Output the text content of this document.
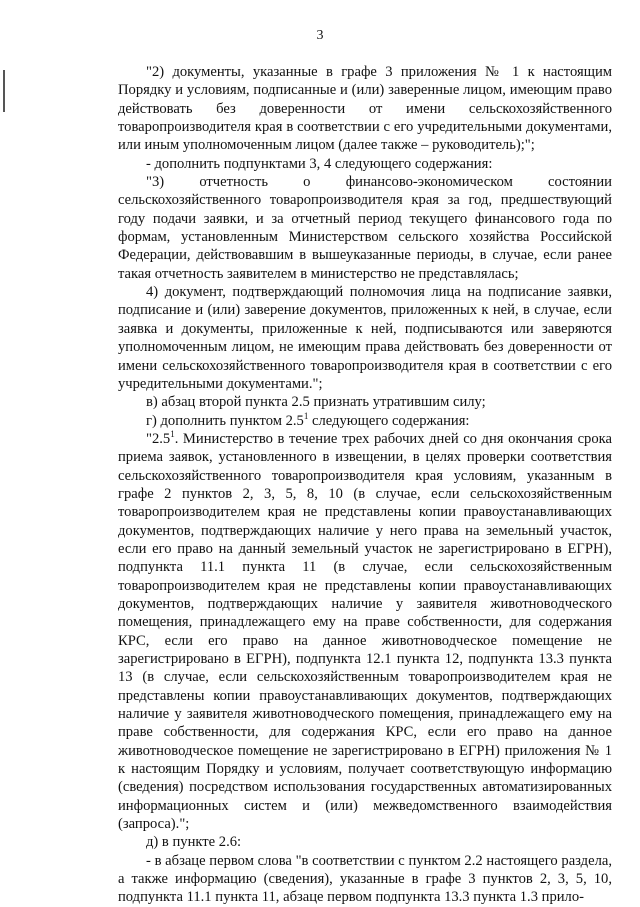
3

"2) документы, указанные в графе 3 приложения № 1 к настоящим Порядку и условиям, подписанные и (или) заверенные лицом, имеющим право действовать без доверенности от имени сельскохозяйственного товаропроизводителя края в соответствии с его учредительными документами, или иным уполномоченным лицом (далее также – руководитель);";

- дополнить подпунктами 3, 4 следующего содержания:

"3) отчетность о финансово-экономическом состоянии сельскохозяйственного товаропроизводителя края за год, предшествующий году подачи заявки, и за отчетный период текущего финансового года по формам, установленным Министерством сельского хозяйства Российской Федерации, действовавшим в вышеуказанные периоды, в случае, если ранее такая отчетность заявителем в министерство не представлялась;

4) документ, подтверждающий полномочия лица на подписание заявки, подписание и (или) заверение документов, приложенных к ней, в случае, если заявка и документы, приложенные к ней, подписываются или заверяются уполномоченным лицом, не имеющим права действовать без доверенности от имени сельскохозяйственного товаропроизводителя края в соответствии с его учредительными документами.";

в) абзац второй пункта 2.5 признать утратившим силу;

г) дополнить пунктом $2.5^1$ следующего содержания:

"$2.5^1$. Министерство в течение трех рабочих дней со дня окончания срока приема заявок, установленного в извещении, в целях проверки соответствия сельскохозяйственного товаропроизводителя края условиям, указанным в графе 2 пунктов 2, 3, 5, 8, 10 (в случае, если сельскохозяйственным товаропроизводителем края не представлены копии правоустанавливающих документов, подтверждающих наличие у него права на земельный участок, если его право на данный земельный участок не зарегистрировано в ЕГРН), подпункта 11.1 пункта 11 (в случае, если сельскохозяйственным товаропроизводителем края не представлены копии правоустанавливающих документов, подтверждающих наличие у заявителя животноводческого помещения, принадлежащего ему на праве собственности, для содержания КРС, если его право на данное животноводческое помещение не зарегистрировано в ЕГРН), подпункта 12.1 пункта 12, подпункта 13.3 пункта 13 (в случае, если сельскохозяйственным товаропроизводителем края не представлены копии правоустанавливающих документов, подтверждающих наличие у заявителя животноводческого помещения, принадлежащего ему на праве собственности, для содержания КРС, если его право на данное животноводческое помещение не зарегистрировано в ЕГРН) приложения № 1 к настоящим Порядку и условиям, получает соответствующую информацию (сведения) посредством использования государственных автоматизированных информационных систем и (или) межведомственного взаимодействия (запроса).";

д) в пункте 2.6:

- в абзаце первом слова "в соответствии с пунктом 2.2 настоящего раздела, а также информацию (сведения), указанные в графе 3 пунктов 2, 3, 5, 10, подпункта 11.1 пункта 11, абзаце первом подпункта 13.3 пункта 1.3 прило-
